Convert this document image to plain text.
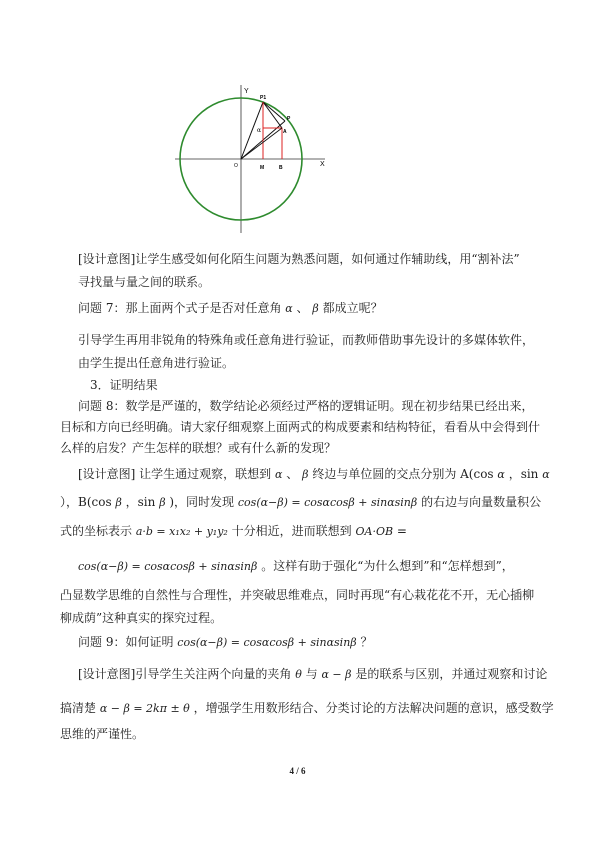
Y
X
O
P1
P
A
M	B
α
[设计意图]让学生感受如何化陌生问题为熟悉问题，如何通过作辅助线，用“割补法”
寻找量与量之间的联系。
问题 7：那上面两个式子是否对任意角 α 、 β 都成立呢？
引导学生再用非锐角的特殊角或任意角进行验证，而教师借助事先设计的多媒体软件，
由学生提出任意角进行验证。
3．证明结果
问题 8：数学是严谨的，数学结论必须经过严格的逻辑证明。现在初步结果已经出来，
目标和方向已经明确。请大家仔细观察上面两式的构成要素和结构特征，看看从中会得到什
么样的启发？产生怎样的联想？或有什么新的发现？
[设计意图] 让学生通过观察，联想到 α 、 β 终边与单位圆的交点分别为 A(cos α ，sin α
），B(cos β ，sin β )，同时发现 cos(α−β) = cosαcosβ + sinαsinβ 的右边与向量数量积公
式的坐标表示 a·b = x₁x₂ + y₁y₂ 十分相近，进而联想到 OA·OB =
cos(α−β) = cosαcosβ + sinαsinβ 。这样有助于强化“为什么想到”和“怎样想到”，
凸显数学思维的自然性与合理性，并突破思维难点，同时再现“有心栽花花不开，无心插柳
柳成荫”这种真实的探究过程。
问题 9：如何证明 cos(α−β) = cosαcosβ + sinαsinβ ？
[设计意图]引导学生关注两个向量的夹角 θ 与 α − β 是的联系与区别，并通过观察和讨论
搞清楚 α − β = 2kπ ± θ ，增强学生用数形结合、分类讨论的方法解决问题的意识，感受数学
思维的严谨性。
4 / 6
